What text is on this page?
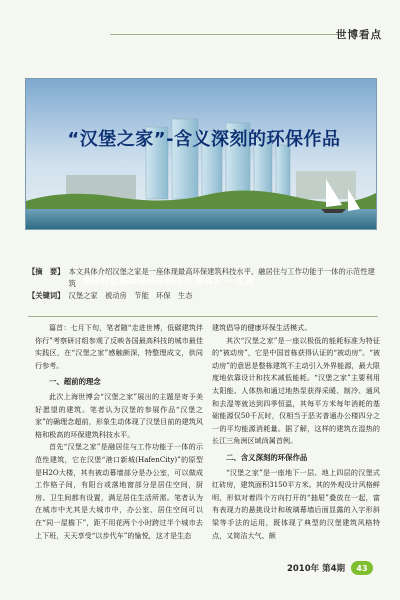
世博看点
“汉堡之家”-含义深刻的环保作品
湖底碧波湖畔绿映楼群排列 整体汇·一支流
【摘　要】 本文具体介绍汉堡之家是一座体现最高环保建筑科技水平、融居住与工作功能于一体的示范性建筑
【关键词】 汉堡之家　被动房　节能　环保　生态

篇首：七月下旬，笔者随“走进世博，低碳建筑伴你行”考察研讨组参观了反映各国最高科技的城市最佳实践区，在“汉堡之家”感触颇深，特整理成文，供同行参考。

一、超前的理念

此次上海世博会“汉堡之家”展出的主题是寄予美好愿望的建筑。笔者认为汉堡的参展作品“汉堡之家”的确理念超前，形象生动体现了汉堡目前的建筑风格和极高的环保建筑科技水平。

首先“汉堡之家”是融居住与工作功能于一体的示范性建筑，它在汉堡“港口新城(HafenCity)”的原型是H2O大楼，其有被动幕墙部分是办公室，可以做成工作格子间，有阳台或落地窗部分是居住空间，厨房、卫生间都有设置，满足居住生活所需。笔者认为在城市中尤其是大城市中，办公室、居住空间可以在“同一屋檐下”，距不用花两个小时跨过半个城市去上下班，天天享受“以步代车”的愉悦，这才是生态

建筑倡导的健康环保生活模式。

其次“汉堡之家”是一座以极低的能耗标准为特征的“被动房”，它是中国首栋获得认证的“被动房”。“被动房”的意思是整栋建筑不主动引入外界能源，最大限度地依靠设计和技术减低能耗。“汉堡之家”主要利用太阳能、人体热和通过地热泵获得采暖、制冷、通风和去湿等就达到四季恒温，其每平方米每年消耗的基础能源仅50千瓦时，仅相当于恶劣普通办公楼四分之一的平均能源消耗量。据了解，这样的建筑在湿热的长江三角洲区域尚属首例。

二、含义深刻的环保作品

“汉堡之家”是一座地下一层、地上四层的汉堡式红砖房，建筑面积3150平方米。其的外观设计风格鲜明，形似对着四个方向打开的“抽屉”叠放在一起，富有表现力的悬挑设计和玻璃幕墙后面显露的入字形斜梁等手法的运用，既体现了典型的汉堡建筑风格特点，又简洁大气、颇

2010年 第4期	43
